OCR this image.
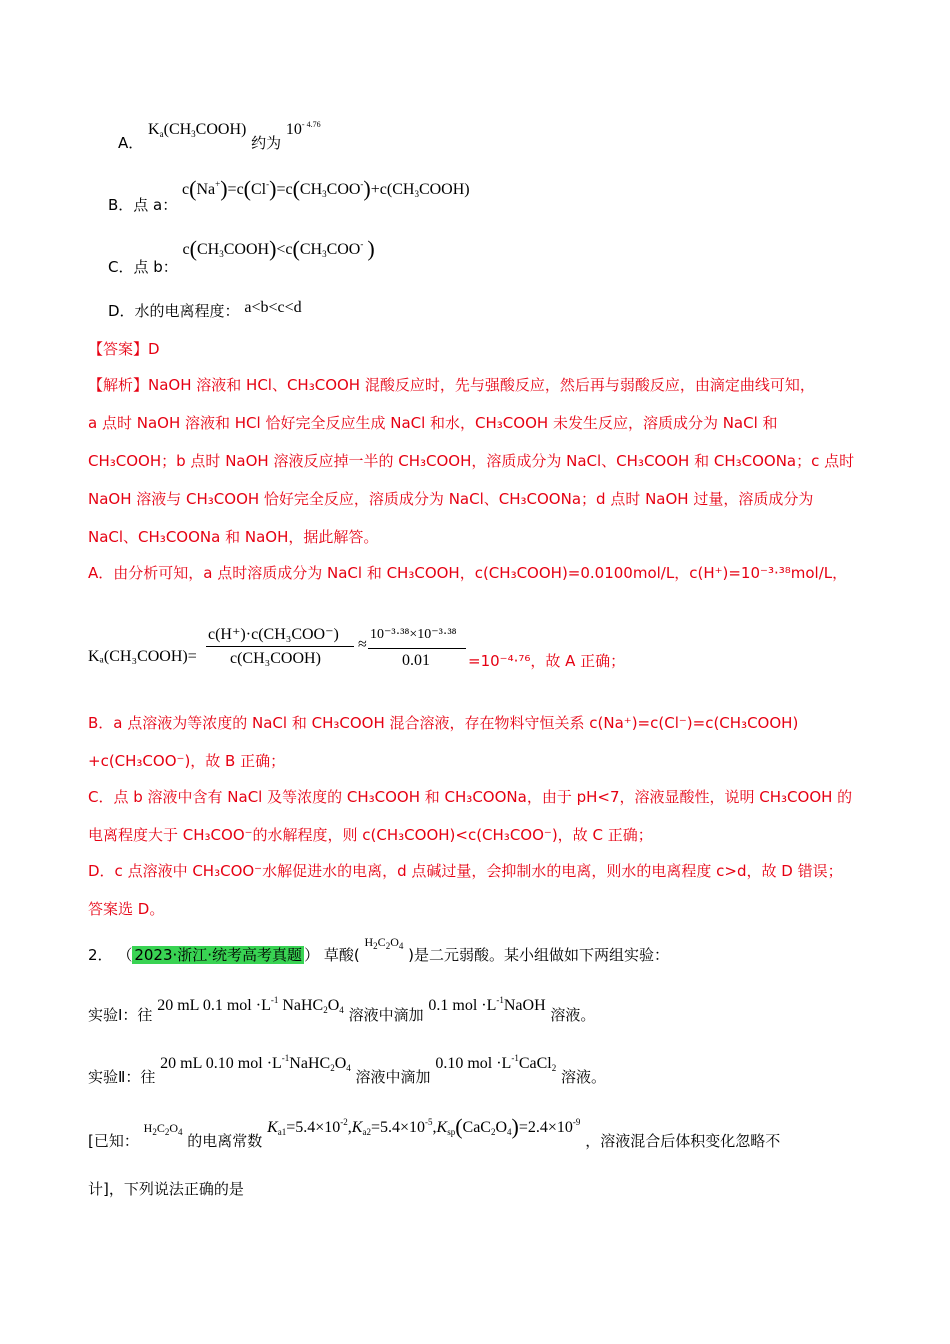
A． $K_a(CH_3COOH)$ 约为 $10^{- 4.76}$
B．点 a： $c(Na^+)=c(Cl^-)=c(CH_3COO^-)+c(CH_3COOH)$
C．点 b： $c(CH_3COOH)<c(CH_3COO^-$ )
D．水的电离程度： a<b<c<d
【答案】D
【解析】NaOH 溶液和 HCl、CH₃COOH 混酸反应时，先与强酸反应，然后再与弱酸反应，由滴定曲线可知，
a 点时 NaOH 溶液和 HCl 恰好完全反应生成 NaCl 和水，CH₃COOH 未发生反应，溶质成分为 NaCl 和
CH₃COOH；b 点时 NaOH 溶液反应掉一半的 CH₃COOH，溶质成分为 NaCl、CH₃COOH 和 CH₃COONa；c 点时
NaOH 溶液与 CH₃COOH 恰好完全反应，溶质成分为 NaCl、CH₃COONa；d 点时 NaOH 过量，溶质成分为
NaCl、CH₃COONa 和 NaOH，据此解答。
A．由分析可知，a 点时溶质成分为 NaCl 和 CH₃COOH，c(CH₃COOH)=0.0100mol/L，c(H⁺)=10⁻³·³⁸mol/L，
Kₐ(CH₃COOH)=
c(H⁺)·c(CH₃COO⁻)
c(CH₃COOH)
≈
10⁻³·³⁸×10⁻³·³⁸
0.01	=10⁻⁴·⁷⁶，故 A 正确；
B．a 点溶液为等浓度的 NaCl 和 CH₃COOH 混合溶液，存在物料守恒关系 c(Na⁺)=c(Cl⁻)=c(CH₃COOH)
+c(CH₃COO⁻)，故 B 正确；
C．点 b 溶液中含有 NaCl 及等浓度的 CH₃COOH 和 CH₃COONa，由于 pH<7，溶液显酸性，说明 CH₃COOH 的
电离程度大于 CH₃COO⁻的水解程度，则 c(CH₃COOH)<c(CH₃COO⁻)，故 C 正确；
D．c 点溶液中 CH₃COO⁻水解促进水的电离，d 点碱过量，会抑制水的电离，则水的电离程度 c>d，故 D 错误；
答案选 D。
2． （ 2023·浙江·统考高考真题 ） 草酸( $^{H_2C_2O_4}$ )是二元弱酸。某小组做如下两组实验：
实验Ⅰ：往 20 mL 0.1 mol $\cdot L^{-1}$ $NaHC_2O_4$ 溶液中滴加 0.1 mol $\cdot L^{-1}NaOH$ 溶液。
实验Ⅱ：往 20 mL 0.10 mol $\cdot L^{-1}NaHC_2O_4$ 溶液中滴加 0.10 mol $\cdot L^{-1}CaCl_2$ 溶液。
[已知： $H_2C_2O_4$ 的电离常数 $K_{a1}=5.4\times 10^{-2},K_{a2}=5.4\times 10^{-5},K_{sp}(CaC_2O_4)=2.4\times 10^{-9}$ ，溶液混合后体积变化忽略不
计]，下列说法正确的是
